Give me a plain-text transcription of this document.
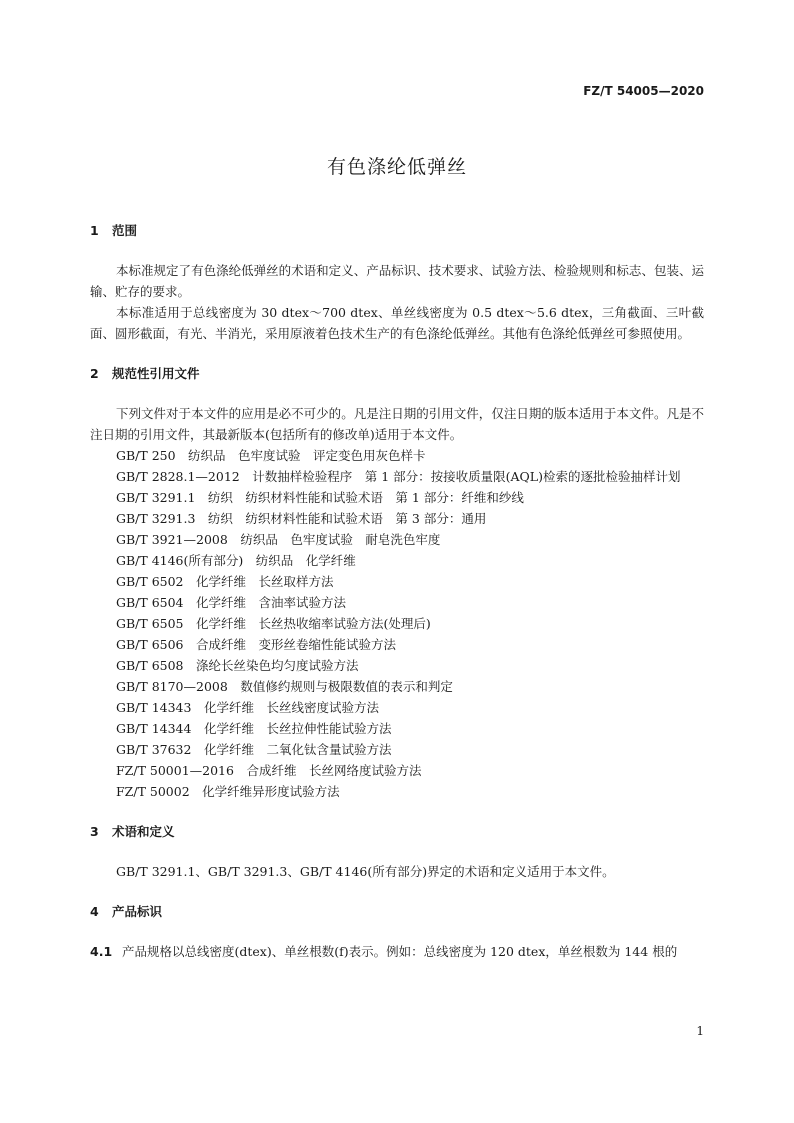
FZ/T 54005—2020
有色涤纶低弹丝

1 范围

本标准规定了有色涤纶低弹丝的术语和定义、产品标识、技术要求、试验方法、检验规则和标志、包装、运输、贮存的要求。

本标准适用于总线密度为 30 dtex～700 dtex、单丝线密度为 0.5 dtex～5.6 dtex，三角截面、三叶截面、圆形截面，有光、半消光，采用原液着色技术生产的有色涤纶低弹丝。其他有色涤纶低弹丝可参照使用。

2 规范性引用文件

下列文件对于本文件的应用是必不可少的。凡是注日期的引用文件，仅注日期的版本适用于本文件。凡是不注日期的引用文件，其最新版本(包括所有的修改单)适用于本文件。

GB/T 250　纺织品　色牢度试验　评定变色用灰色样卡

GB/T 2828.1—2012　计数抽样检验程序　第 1 部分：按接收质量限(AQL)检索的逐批检验抽样计划

GB/T 3291.1　纺织　纺织材料性能和试验术语　第 1 部分：纤维和纱线

GB/T 3291.3　纺织　纺织材料性能和试验术语　第 3 部分：通用

GB/T 3921—2008　纺织品　色牢度试验　耐皂洗色牢度

GB/T 4146(所有部分)　纺织品　化学纤维

GB/T 6502　化学纤维　长丝取样方法

GB/T 6504　化学纤维　含油率试验方法

GB/T 6505　化学纤维　长丝热收缩率试验方法(处理后)

GB/T 6506　合成纤维　变形丝卷缩性能试验方法

GB/T 6508　涤纶长丝染色均匀度试验方法

GB/T 8170—2008　数值修约规则与极限数值的表示和判定

GB/T 14343　化学纤维　长丝线密度试验方法

GB/T 14344　化学纤维　长丝拉伸性能试验方法

GB/T 37632　化学纤维　二氧化钛含量试验方法

FZ/T 50001—2016　合成纤维　长丝网络度试验方法

FZ/T 50002　化学纤维异形度试验方法

3 术语和定义

GB/T 3291.1、GB/T 3291.3、GB/T 4146(所有部分)界定的术语和定义适用于本文件。

4 产品标识

4.1 产品规格以总线密度(dtex)、单丝根数(f)表示。例如：总线密度为 120 dtex，单丝根数为 144 根的

1
